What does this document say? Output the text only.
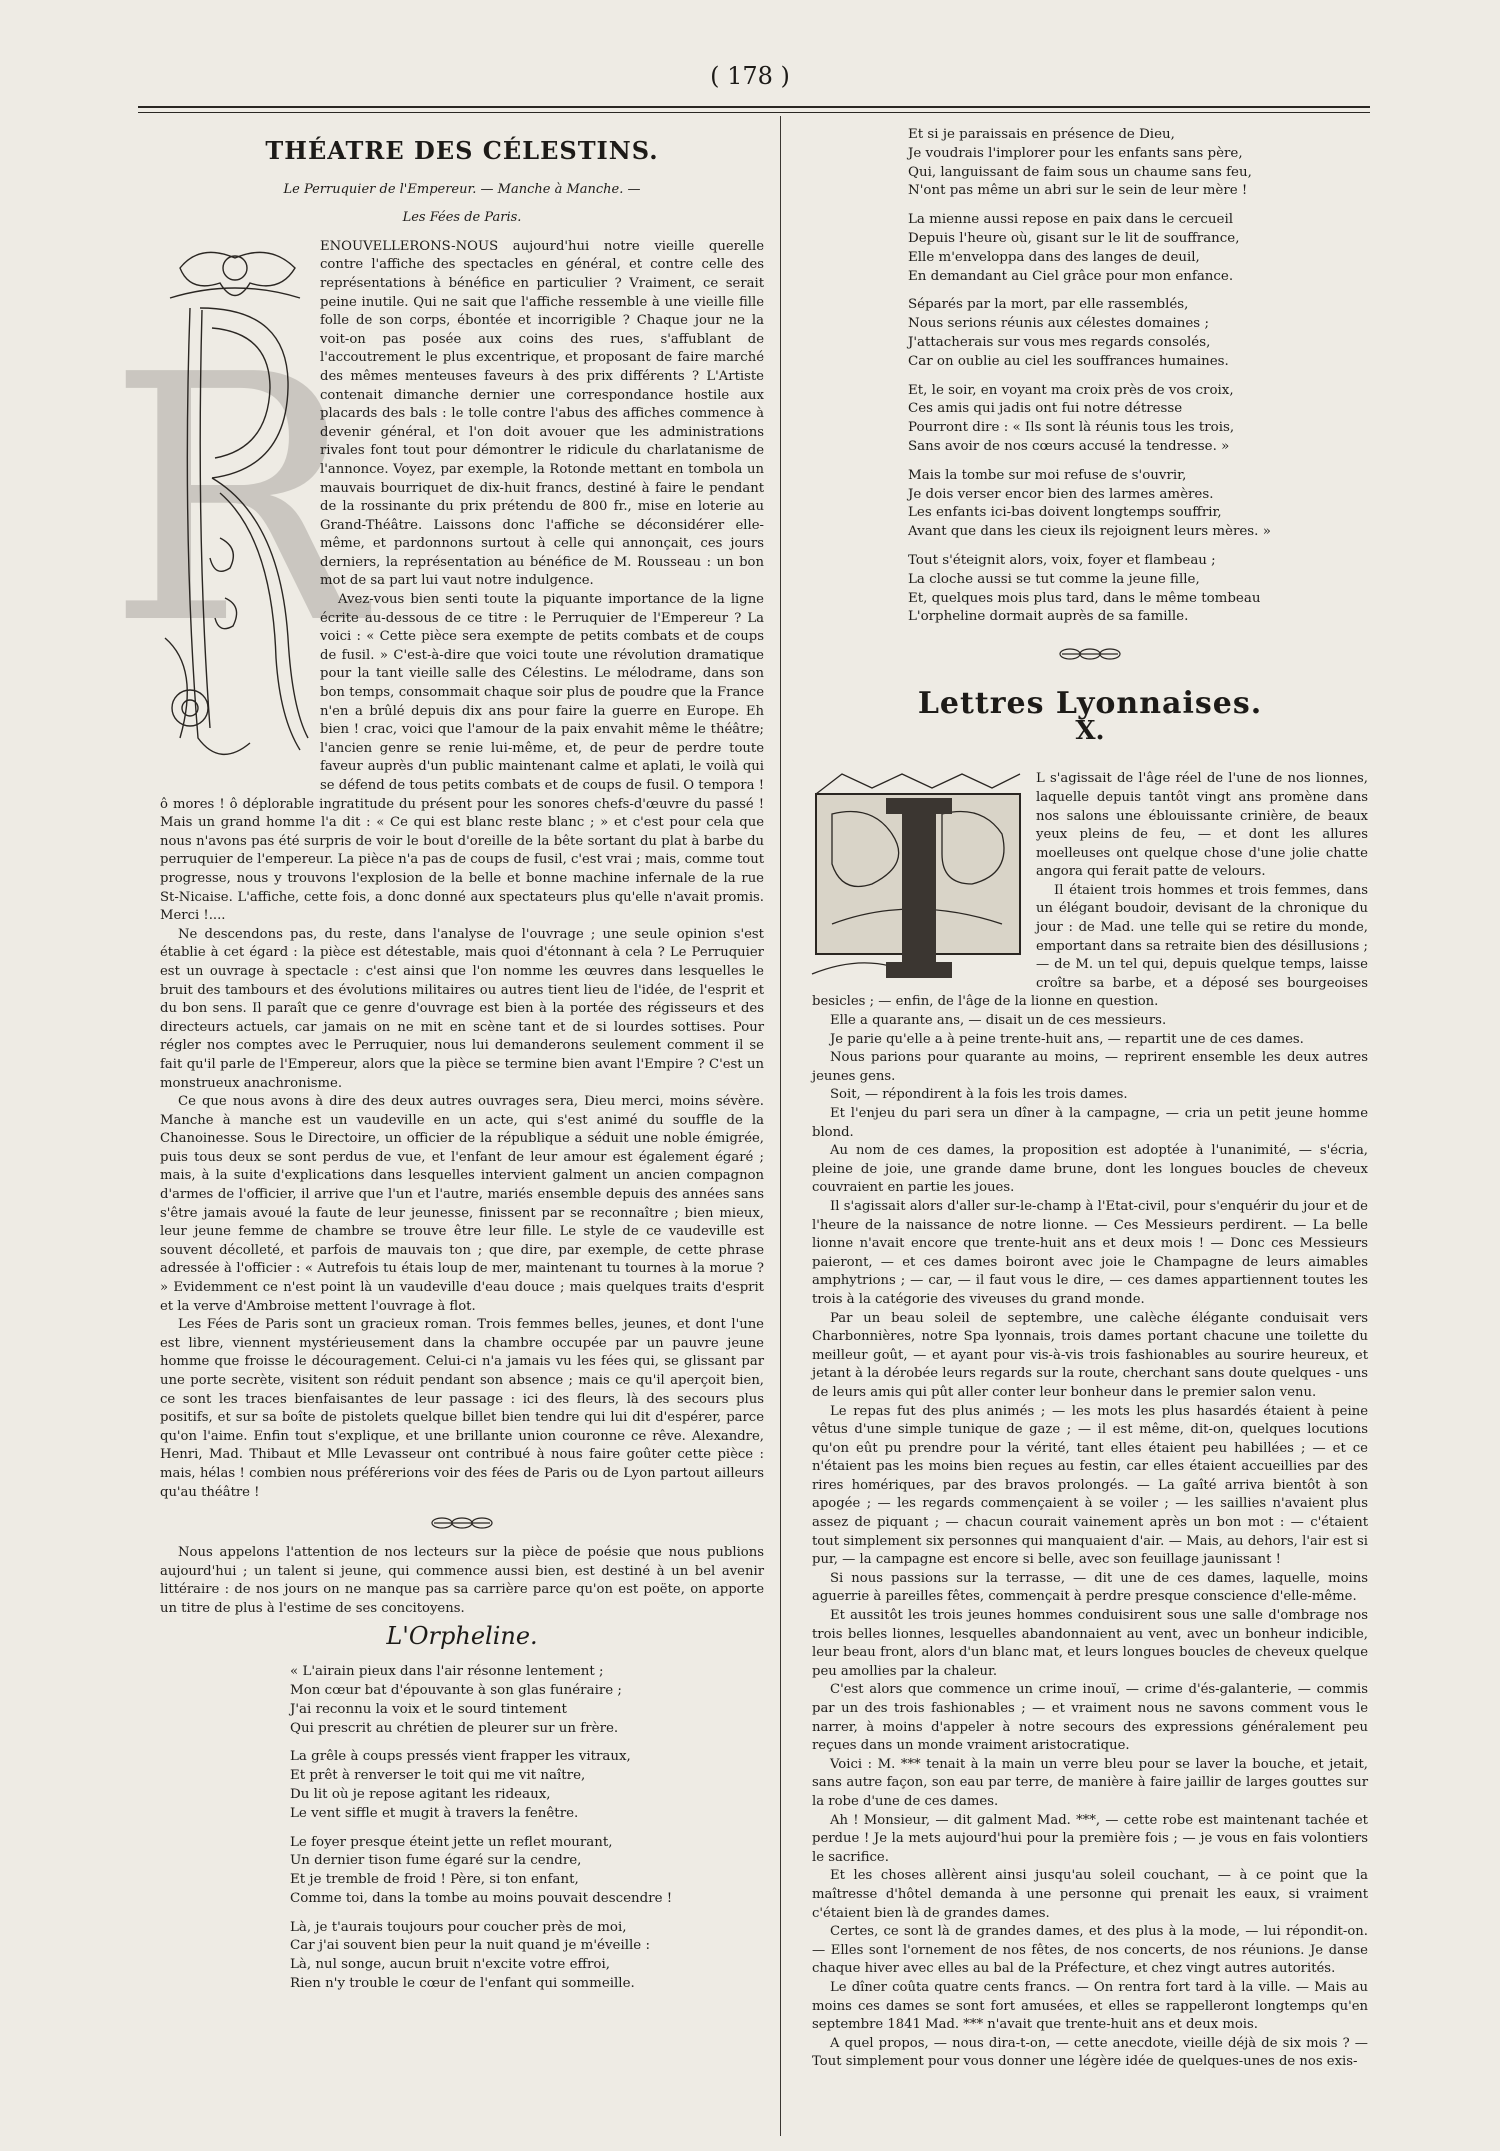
( 178 )
THÉATRE DES CÉLESTINS.
Le Perruquier de l'Empereur. — Manche à Manche. —
Les Fées de Paris.
R

ENOUVELLERONS-NOUS aujourd'hui notre vieille querelle contre l'affiche des spectacles en général, et contre celle des représentations à bénéfice en particulier ? Vraiment, ce serait peine inutile. Qui ne sait que l'affiche ressemble à une vieille fille folle de son corps, ébontée et incorrigible ? Chaque jour ne la voit-on pas posée aux coins des rues, s'affublant de l'accoutrement le plus excentrique, et proposant de faire marché des mêmes menteuses faveurs à des prix différents ? L'Artiste contenait dimanche dernier une correspondance hostile aux placards des bals : le tolle contre l'abus des affiches commence à devenir général, et l'on doit avouer que les administrations rivales font tout pour démontrer le ridicule du charlatanisme de l'annonce. Voyez, par exemple, la Rotonde mettant en tombola un mauvais bourriquet de dix-huit francs, destiné à faire le pendant de la rossinante du prix prétendu de 800 fr., mise en loterie au Grand-Théâtre. Laissons donc l'affiche se déconsidérer elle-même, et pardonnons surtout à celle qui annonçait, ces jours derniers, la représentation au bénéfice de M. Rousseau : un bon mot de sa part lui vaut notre indulgence.

Avez-vous bien senti toute la piquante importance de la ligne écrite au-dessous de ce titre : le Perruquier de l'Empereur ? La voici : « Cette pièce sera exempte de petits combats et de coups de fusil. » C'est-à-dire que voici toute une révolution dramatique pour la tant vieille salle des Célestins. Le mélodrame, dans son bon temps, consommait chaque soir plus de poudre que la France n'en a brûlé depuis dix ans pour faire la guerre en Europe. Eh bien ! crac, voici que l'amour de la paix envahit même le théâtre; l'ancien genre se renie lui-même, et, de peur de perdre toute faveur auprès d'un public maintenant calme et aplati, le voilà qui se défend de tous petits combats et de coups de fusil. O tempora ! ô mores ! ô déplorable ingratitude du présent pour les sonores chefs-d'œuvre du passé ! Mais un grand homme l'a dit : « Ce qui est blanc reste blanc ; » et c'est pour cela que nous n'avons pas été surpris de voir le bout d'oreille de la bête sortant du plat à barbe du perruquier de l'empereur. La pièce n'a pas de coups de fusil, c'est vrai ; mais, comme tout progresse, nous y trouvons l'explosion de la belle et bonne machine infernale de la rue St-Nicaise. L'affiche, cette fois, a donc donné aux spectateurs plus qu'elle n'avait promis. Merci !....

Ne descendons pas, du reste, dans l'analyse de l'ouvrage ; une seule opinion s'est établie à cet égard : la pièce est détestable, mais quoi d'étonnant à cela ? Le Perruquier est un ouvrage à spectacle : c'est ainsi que l'on nomme les œuvres dans lesquelles le bruit des tambours et des évolutions militaires ou autres tient lieu de l'idée, de l'esprit et du bon sens. Il paraît que ce genre d'ouvrage est bien à la portée des régisseurs et des directeurs actuels, car jamais on ne mit en scène tant et de si lourdes sottises. Pour régler nos comptes avec le Perruquier, nous lui demanderons seulement comment il se fait qu'il parle de l'Empereur, alors que la pièce se termine bien avant l'Empire ? C'est un monstrueux anachronisme.

Ce que nous avons à dire des deux autres ouvrages sera, Dieu merci, moins sévère. Manche à manche est un vaudeville en un acte, qui s'est animé du souffle de la Chanoinesse. Sous le Directoire, un officier de la république a séduit une noble émigrée, puis tous deux se sont perdus de vue, et l'enfant de leur amour est également égaré ; mais, à la suite d'explications dans lesquelles intervient galment un ancien compagnon d'armes de l'officier, il arrive que l'un et l'autre, mariés ensemble depuis des années sans s'être jamais avoué la faute de leur jeunesse, finissent par se reconnaître ; bien mieux, leur jeune femme de chambre se trouve être leur fille. Le style de ce vaudeville est souvent décolleté, et parfois de mauvais ton ; que dire, par exemple, de cette phrase adressée à l'officier : « Autrefois tu étais loup de mer, maintenant tu tournes à la morue ? » Evidemment ce n'est point là un vaudeville d'eau douce ; mais quelques traits d'esprit et la verve d'Ambroise mettent l'ouvrage à flot.

Les Fées de Paris sont un gracieux roman. Trois femmes belles, jeunes, et dont l'une est libre, viennent mystérieusement dans la chambre occupée par un pauvre jeune homme que froisse le découragement. Celui-ci n'a jamais vu les fées qui, se glissant par une porte secrète, visitent son réduit pendant son absence ; mais ce qu'il aperçoit bien, ce sont les traces bienfaisantes de leur passage : ici des fleurs, là des secours plus positifs, et sur sa boîte de pistolets quelque billet bien tendre qui lui dit d'espérer, parce qu'on l'aime. Enfin tout s'explique, et une brillante union couronne ce rêve. Alexandre, Henri, Mad. Thibaut et Mlle Levasseur ont contribué à nous faire goûter cette pièce : mais, hélas ! combien nous préférerions voir des fées de Paris ou de Lyon partout ailleurs qu'au théâtre !

Nous appelons l'attention de nos lecteurs sur la pièce de poésie que nous publions aujourd'hui ; un talent si jeune, qui commence aussi bien, est destiné à un bel avenir littéraire : de nos jours on ne manque pas sa carrière parce qu'on est poëte, on apporte un titre de plus à l'estime de ses concitoyens.

L'Orpheline.
« L'airain pieux dans l'air résonne lentement ;
Mon cœur bat d'épouvante à son glas funéraire ;
J'ai reconnu la voix et le sourd tintement
Qui prescrit au chrétien de pleurer sur un frère.
La grêle à coups pressés vient frapper les vitraux,
Et prêt à renverser le toit qui me vit naître,
Du lit où je repose agitant les rideaux,
Le vent siffle et mugit à travers la fenêtre.
Le foyer presque éteint jette un reflet mourant,
Un dernier tison fume égaré sur la cendre,
Et je tremble de froid ! Père, si ton enfant,
Comme toi, dans la tombe au moins pouvait descendre !
Là, je t'aurais toujours pour coucher près de moi,
Car j'ai souvent bien peur la nuit quand je m'éveille :
Là, nul songe, aucun bruit n'excite votre effroi,
Rien n'y trouble le cœur de l'enfant qui sommeille.
Et si je paraissais en présence de Dieu,
Je voudrais l'implorer pour les enfants sans père,
Qui, languissant de faim sous un chaume sans feu,
N'ont pas même un abri sur le sein de leur mère !
La mienne aussi repose en paix dans le cercueil
Depuis l'heure où, gisant sur le lit de souffrance,
Elle m'enveloppa dans des langes de deuil,
En demandant au Ciel grâce pour mon enfance.
Séparés par la mort, par elle rassemblés,
Nous serions réunis aux célestes domaines ;
J'attacherais sur vous mes regards consolés,
Car on oublie au ciel les souffrances humaines.
Et, le soir, en voyant ma croix près de vos croix,
Ces amis qui jadis ont fui notre détresse
Pourront dire : « Ils sont là réunis tous les trois,
Sans avoir de nos cœurs accusé la tendresse. »
Mais la tombe sur moi refuse de s'ouvrir,
Je dois verser encor bien des larmes amères.
Les enfants ici-bas doivent longtemps souffrir,
Avant que dans les cieux ils rejoignent leurs mères. »
Tout s'éteignit alors, voix, foyer et flambeau ;
La cloche aussi se tut comme la jeune fille,
Et, quelques mois plus tard, dans le même tombeau
L'orpheline dormait auprès de sa famille.
Lettres Lyonnaises.
X.

L s'agissait de l'âge réel de l'une de nos lionnes, laquelle depuis tantôt vingt ans promène dans nos salons une éblouissante crinière, de beaux yeux pleins de feu, — et dont les allures moelleuses ont quelque chose d'une jolie chatte angora qui ferait patte de velours.

Il étaient trois hommes et trois femmes, dans un élégant boudoir, devisant de la chronique du jour : de Mad. une telle qui se retire du monde, emportant dans sa retraite bien des désillusions ; — de M. un tel qui, depuis quelque temps, laisse croître sa barbe, et a déposé ses bourgeoises besicles ; — enfin, de l'âge de la lionne en question.

Elle a quarante ans, — disait un de ces messieurs.

Je parie qu'elle a à peine trente-huit ans, — repartit une de ces dames.

Nous parions pour quarante au moins, — reprirent ensemble les deux autres jeunes gens.

Soit, — répondirent à la fois les trois dames.

Et l'enjeu du pari sera un dîner à la campagne, — cria un petit jeune homme blond.

Au nom de ces dames, la proposition est adoptée à l'unanimité, — s'écria, pleine de joie, une grande dame brune, dont les longues boucles de cheveux couvraient en partie les joues.

Il s'agissait alors d'aller sur-le-champ à l'Etat-civil, pour s'enquérir du jour et de l'heure de la naissance de notre lionne. — Ces Messieurs perdirent. — La belle lionne n'avait encore que trente-huit ans et deux mois ! — Donc ces Messieurs paieront, — et ces dames boiront avec joie le Champagne de leurs aimables amphytrions ; — car, — il faut vous le dire, — ces dames appartiennent toutes les trois à la catégorie des viveuses du grand monde.

Par un beau soleil de septembre, une calèche élégante conduisait vers Charbonnières, notre Spa lyonnais, trois dames portant chacune une toilette du meilleur goût, — et ayant pour vis-à-vis trois fashionables au sourire heureux, et jetant à la dérobée leurs regards sur la route, cherchant sans doute quelques - uns de leurs amis qui pût aller conter leur bonheur dans le premier salon venu.

Le repas fut des plus animés ; — les mots les plus hasardés étaient à peine vêtus d'une simple tunique de gaze ; — il est même, dit-on, quelques locutions qu'on eût pu prendre pour la vérité, tant elles étaient peu habillées ; — et ce n'étaient pas les moins bien reçues au festin, car elles étaient accueillies par des rires homériques, par des bravos prolongés. — La gaîté arriva bientôt à son apogée ; — les regards commençaient à se voiler ; — les saillies n'avaient plus assez de piquant ; — chacun courait vainement après un bon mot : — c'étaient tout simplement six personnes qui manquaient d'air. — Mais, au dehors, l'air est si pur, — la campagne est encore si belle, avec son feuillage jaunissant !

Si nous passions sur la terrasse, — dit une de ces dames, laquelle, moins aguerrie à pareilles fêtes, commençait à perdre presque conscience d'elle-même.

Et aussitôt les trois jeunes hommes conduisirent sous une salle d'ombrage nos trois belles lionnes, lesquelles abandonnaient au vent, avec un bonheur indicible, leur beau front, alors d'un blanc mat, et leurs longues boucles de cheveux quelque peu amollies par la chaleur.

C'est alors que commence un crime inouï, — crime d'és-galanterie, — commis par un des trois fashionables ; — et vraiment nous ne savons comment vous le narrer, à moins d'appeler à notre secours des expressions généralement peu reçues dans un monde vraiment aristocratique.

Voici : M. *** tenait à la main un verre bleu pour se laver la bouche, et jetait, sans autre façon, son eau par terre, de manière à faire jaillir de larges gouttes sur la robe d'une de ces dames.

Ah ! Monsieur, — dit galment Mad. ***, — cette robe est maintenant tachée et perdue ! Je la mets aujourd'hui pour la première fois ; — je vous en fais volontiers le sacrifice.

Et les choses allèrent ainsi jusqu'au soleil couchant, — à ce point que la maîtresse d'hôtel demanda à une personne qui prenait les eaux, si vraiment c'étaient bien là de grandes dames.

Certes, ce sont là de grandes dames, et des plus à la mode, — lui répondit-on. — Elles sont l'ornement de nos fêtes, de nos concerts, de nos réunions. Je danse chaque hiver avec elles au bal de la Préfecture, et chez vingt autres autorités.

Le dîner coûta quatre cents francs. — On rentra fort tard à la ville. — Mais au moins ces dames se sont fort amusées, et elles se rappelleront longtemps qu'en septembre 1841 Mad. *** n'avait que trente-huit ans et deux mois.

A quel propos, — nous dira-t-on, — cette anecdote, vieille déjà de six mois ? — Tout simplement pour vous donner une légère idée de quelques-unes de nos exis-
